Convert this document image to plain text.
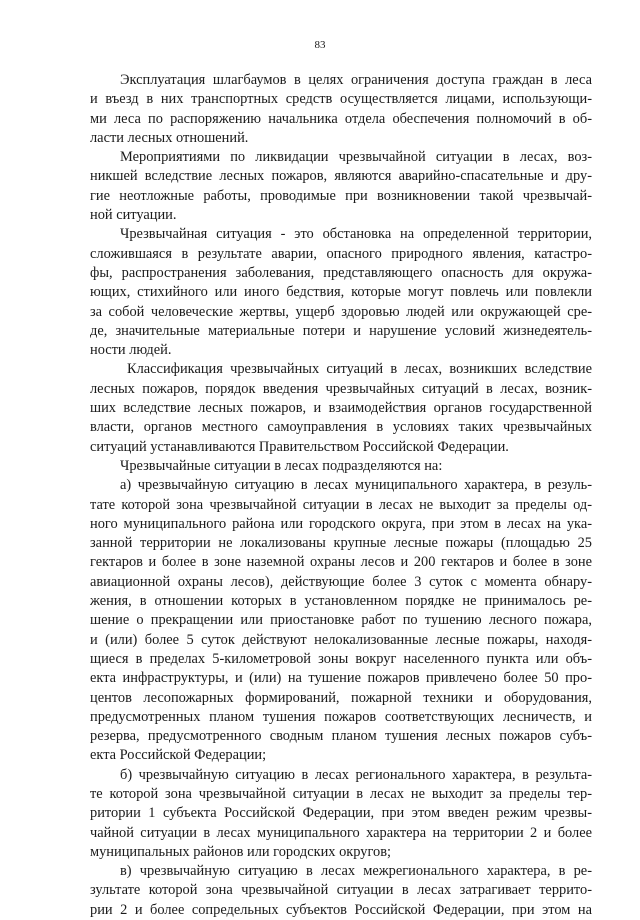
83
Эксплуатация шлагбаумов в целях ограничения доступа граждан в леса
и въезд в них транспортных средств осуществляется лицами, использующи-
ми леса по распоряжению начальника отдела обеспечения полномочий в об-
ласти лесных отношений.
Мероприятиями по ликвидации чрезвычайной ситуации в лесах, воз-
никшей вследствие лесных пожаров, являются аварийно-спасательные и дру-
гие неотложные работы, проводимые при возникновении такой чрезвычай-
ной ситуации.
Чрезвычайная ситуация - это обстановка на определенной территории,
сложившаяся в результате аварии, опасного природного явления, катастро-
фы, распространения заболевания, представляющего опасность для окружа-
ющих, стихийного или иного бедствия, которые могут повлечь или повлекли
за собой человеческие жертвы, ущерб здоровью людей или окружающей сре-
де, значительные материальные потери и нарушение условий жизнедеятель-
ности людей.
Классификация чрезвычайных ситуаций в лесах, возникших вследствие
лесных пожаров, порядок введения чрезвычайных ситуаций в лесах, возник-
ших вследствие лесных пожаров, и взаимодействия органов государственной
власти, органов местного самоуправления в условиях таких чрезвычайных
ситуаций устанавливаются Правительством Российской Федерации.
Чрезвычайные ситуации в лесах подразделяются на:
а) чрезвычайную ситуацию в лесах муниципального характера, в резуль-
тате которой зона чрезвычайной ситуации в лесах не выходит за пределы од-
ного муниципального района или городского округа, при этом в лесах на ука-
занной территории не локализованы крупные лесные пожары (площадью 25
гектаров и более в зоне наземной охраны лесов и 200 гектаров и более в зоне
авиационной охраны лесов), действующие более 3 суток с момента обнару-
жения, в отношении которых в установленном порядке не принималось ре-
шение о прекращении или приостановке работ по тушению лесного пожара,
и (или) более 5 суток действуют нелокализованные лесные пожары, находя-
щиеся в пределах 5-километровой зоны вокруг населенного пункта или объ-
екта инфраструктуры, и (или) на тушение пожаров привлечено более 50 про-
центов лесопожарных формирований, пожарной техники и оборудования,
предусмотренных планом тушения пожаров соответствующих лесничеств, и
резерва, предусмотренного сводным планом тушения лесных пожаров субъ-
екта Российской Федерации;
б) чрезвычайную ситуацию в лесах регионального характера, в результа-
те которой зона чрезвычайной ситуации в лесах не выходит за пределы тер-
ритории 1 субъекта Российской Федерации, при этом введен режим чрезвы-
чайной ситуации в лесах муниципального характера на территории 2 и более
муниципальных районов или городских округов;
в) чрезвычайную ситуацию в лесах межрегионального характера, в ре-
зультате которой зона чрезвычайной ситуации в лесах затрагивает террито-
рии 2 и более сопредельных субъектов Российской Федерации, при этом на
